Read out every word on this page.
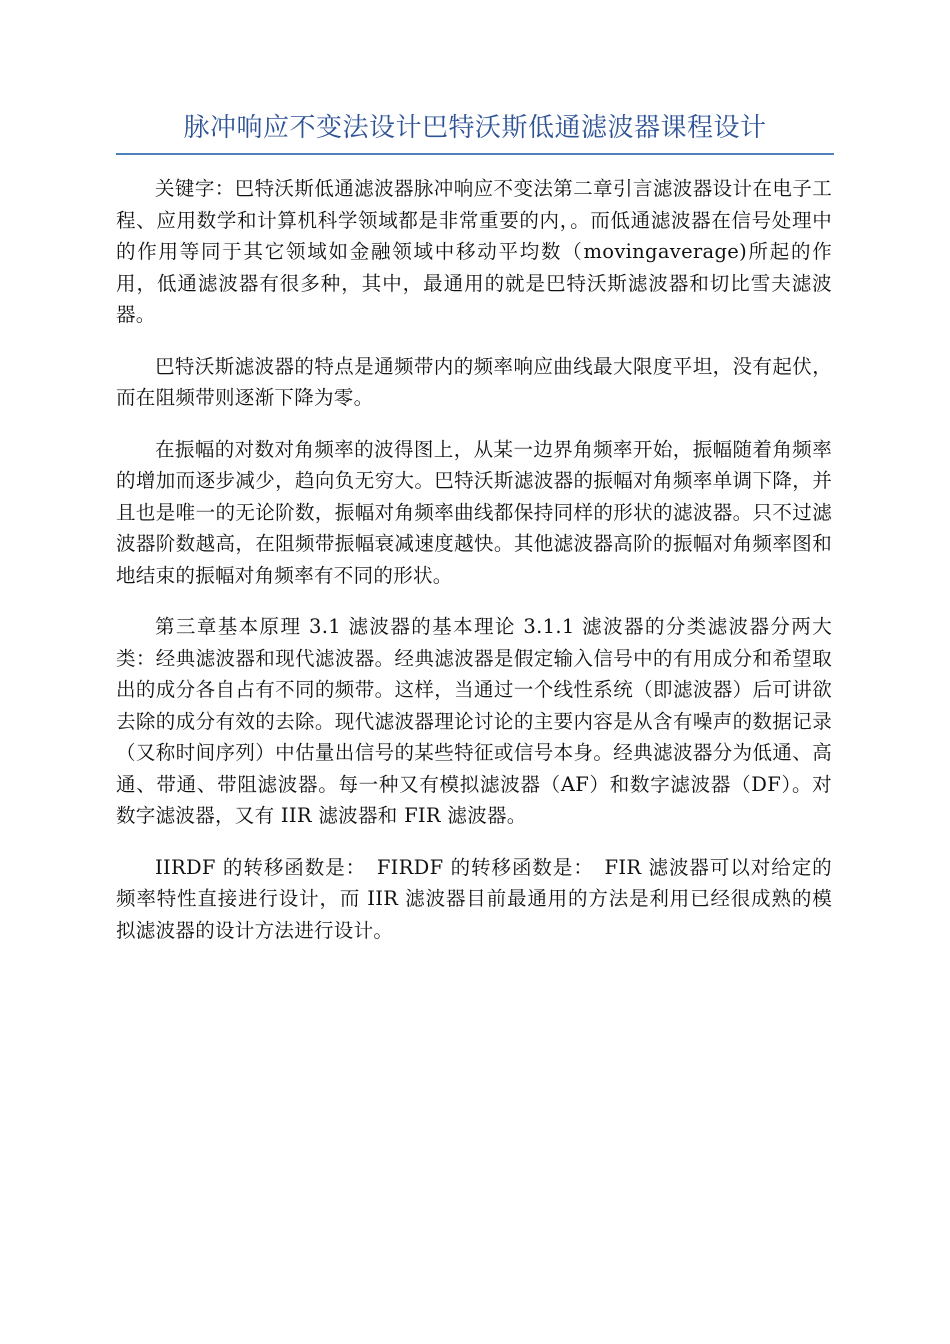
脉冲响应不变法设计巴特沃斯低通滤波器课程设计

关键字：巴特沃斯低通滤波器脉冲响应不变法第二章引言滤波器设计在电子工程、应用数学和计算机科学领域都是非常重要的内，。而低通滤波器在信号处理中的作用等同于其它领域如金融领域中移动平均数（movingaverage)所起的作用，低通滤波器有很多种，其中，最通用的就是巴特沃斯滤波器和切比雪夫滤波器。

巴特沃斯滤波器的特点是通频带内的频率响应曲线最大限度平坦，没有起伏，而在阻频带则逐渐下降为零。

在振幅的对数对角频率的波得图上，从某一边界角频率开始，振幅随着角频率的增加而逐步减少，趋向负无穷大。巴特沃斯滤波器的振幅对角频率单调下降，并且也是唯一的无论阶数，振幅对角频率曲线都保持同样的形状的滤波器。只不过滤波器阶数越高，在阻频带振幅衰减速度越快。其他滤波器高阶的振幅对角频率图和地结束的振幅对角频率有不同的形状。

第三章基本原理 3.1 滤波器的基本理论 3.1.1 滤波器的分类滤波器分两大类：经典滤波器和现代滤波器。经典滤波器是假定输入信号中的有用成分和希望取出的成分各自占有不同的频带。这样，当通过一个线性系统（即滤波器）后可讲欲去除的成分有效的去除。现代滤波器理论讨论的主要内容是从含有噪声的数据记录（又称时间序列）中估量出信号的某些特征或信号本身。经典滤波器分为低通、高通、带通、带阻滤波器。每一种又有模拟滤波器（AF）和数字滤波器（DF）。对数字滤波器，又有 IIR 滤波器和 FIR 滤波器。

IIRDF 的转移函数是：　FIRDF 的转移函数是：　FIR 滤波器可以对给定的频率特性直接进行设计，而 IIR 滤波器目前最通用的方法是利用已经很成熟的模拟滤波器的设计方法进行设计。
